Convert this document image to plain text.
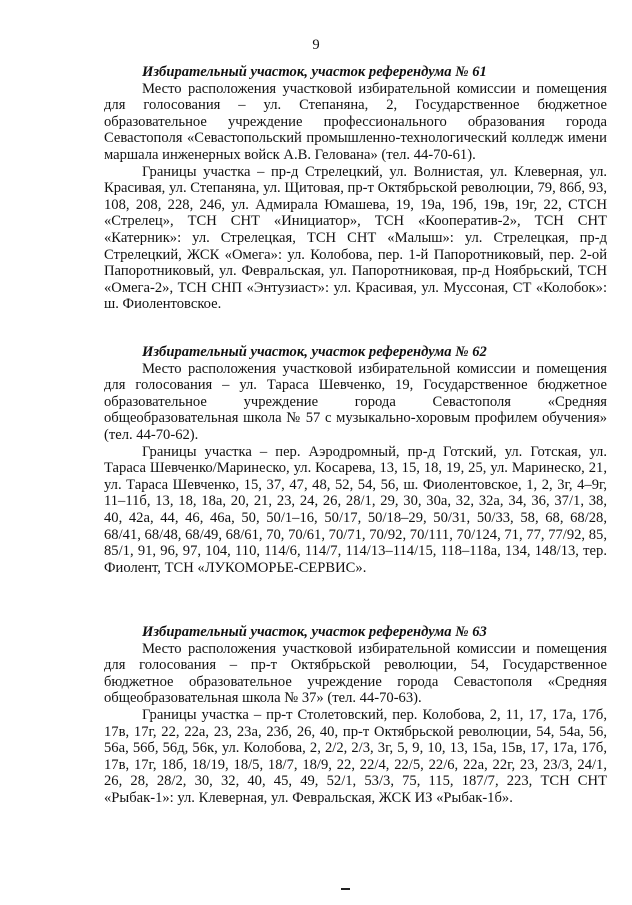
9

Избирательный участок, участок референдума № 61

Место расположения участковой избирательной комиссии и помещения для голосования – ул. Степаняна, 2, Государственное бюджетное образовательное учреждение профессионального образования города Севастополя «Севастопольский промышленно-технологический колледж имени маршала инженерных войск А.В. Гелована» (тел. 44-70-61).

Границы участка – пр-д Стрелецкий, ул. Волнистая, ул. Клеверная, ул. Красивая, ул. Степаняна, ул. Щитовая, пр-т Октябрьской революции, 79, 86б, 93, 108, 208, 228, 246, ул. Адмирала Юмашева, 19, 19а, 19б, 19в, 19г, 22, СТСН «Стрелец», ТСН СНТ «Инициатор», ТСН «Кооператив-2», ТСН СНТ «Катерник»: ул. Стрелецкая, ТСН СНТ «Малыш»: ул. Стрелецкая, пр-д Стрелецкий, ЖСК «Омега»: ул. Колобова, пер. 1-й Папоротниковый, пер. 2-ой Папоротниковый, ул. Февральская, ул. Папоротниковая, пр-д Ноябрьский, ТСН «Омега-2», ТСН СНП «Энтузиаст»: ул. Красивая, ул. Муссоная, СТ «Колобок»: ш. Фиолентовское.

Избирательный участок, участок референдума № 62

Место расположения участковой избирательной комиссии и помещения для голосования – ул. Тараса Шевченко, 19, Государственное бюджетное образовательное учреждение города Севастополя «Средняя общеобразовательная школа № 57 с музыкально-хоровым профилем обучения» (тел. 44-70-62).

Границы участка – пер. Аэродромный, пр-д Готский, ул. Готская, ул. Тараса Шевченко/Маринеско, ул. Косарева, 13, 15, 18, 19, 25, ул. Маринеско, 21, ул. Тараса Шевченко, 15, 37, 47, 48, 52, 54, 56, ш. Фиолентовское, 1, 2, 3г, 4–9г, 11–11б, 13, 18, 18а, 20, 21, 23, 24, 26, 28/1, 29, 30, 30а, 32, 32а, 34, 36, 37/1, 38, 40, 42а, 44, 46, 46а, 50, 50/1–16, 50/17, 50/18–29, 50/31, 50/33, 58, 68, 68/28, 68/41, 68/48, 68/49, 68/61, 70, 70/61, 70/71, 70/92, 70/111, 70/124, 71, 77, 77/92, 85, 85/1, 91, 96, 97, 104, 110, 114/6, 114/7, 114/13–114/15, 118–118а, 134, 148/13, тер. Фиолент, ТСН «ЛУКОМОРЬЕ-СЕРВИС».

Избирательный участок, участок референдума № 63

Место расположения участковой избирательной комиссии и помещения для голосования – пр-т Октябрьской революции, 54, Государственное бюджетное образовательное учреждение города Севастополя «Средняя общеобразовательная школа № 37» (тел. 44-70-63).

Границы участка – пр-т Столетовский, пер. Колобова, 2, 11, 17, 17а, 17б, 17в, 17г, 22, 22а, 23, 23а, 23б, 26, 40, пр-т Октябрьской революции, 54, 54а, 56, 56а, 56б, 56д, 56к, ул. Колобова, 2, 2/2, 2/3, 3г, 5, 9, 10, 13, 15а, 15в, 17, 17а, 17б, 17в, 17г, 18б, 18/19, 18/5, 18/7, 18/9, 22, 22/4, 22/5, 22/6, 22а, 22г, 23, 23/3, 24/1, 26, 28, 28/2, 30, 32, 40, 45, 49, 52/1, 53/3, 75, 115, 187/7, 223, ТСН СНТ «Рыбак-1»: ул. Клеверная, ул. Февральская, ЖСК ИЗ «Рыбак-1б».
